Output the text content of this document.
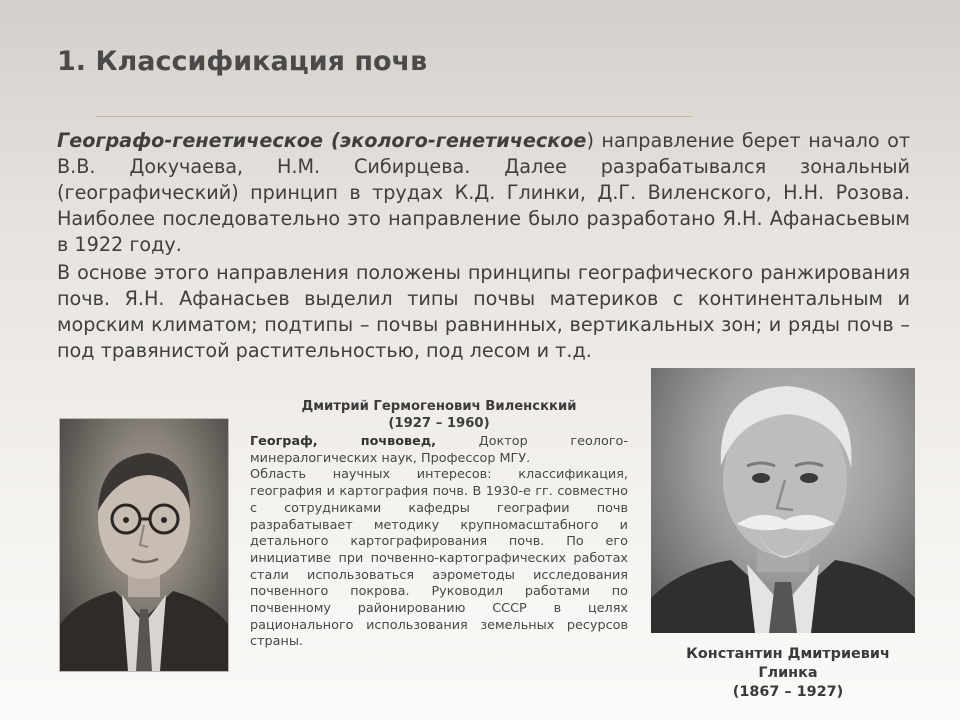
1. Классификация почв

Географо-генетическое (эколого-генетическое) направление берет начало от В.В. Докучаева, Н.М. Сибирцева. Далее разрабатывался зональный (географический) принцип в трудах К.Д. Глинки, Д.Г. Виленского, Н.Н. Розова. Наиболее последовательно это направление было разработано Я.Н. Афанасьевым в 1922 году.

В основе этого направления положены принципы географического ранжирования почв. Я.Н. Афанасьев выделил типы почвы материков с континентальным и морским климатом; подтипы – почвы равнинных, вертикальных зон; и ряды почв – под травянистой растительностью, под лесом и т.д.

Дмитрий Гермогенович Виленсккий
(1927 – 1960)

Географ, почвовед, Доктор геолого-минералогических наук, Профессор МГУ.
Область научных интересов: классификация, география и картография почв. В 1930-е гг. совместно с сотрудниками кафедры географии почв разрабатывает методику крупномасштабного и детального картографирования почв. По его инициативе при почвенно-картографических работах стали использоваться аэрометоды исследования почвенного покрова. Руководил работами по почвенному районированию СССР в целях рационального использования земельных ресурсов страны.

Константин Дмитриевич
Глинка
(1867 – 1927)
